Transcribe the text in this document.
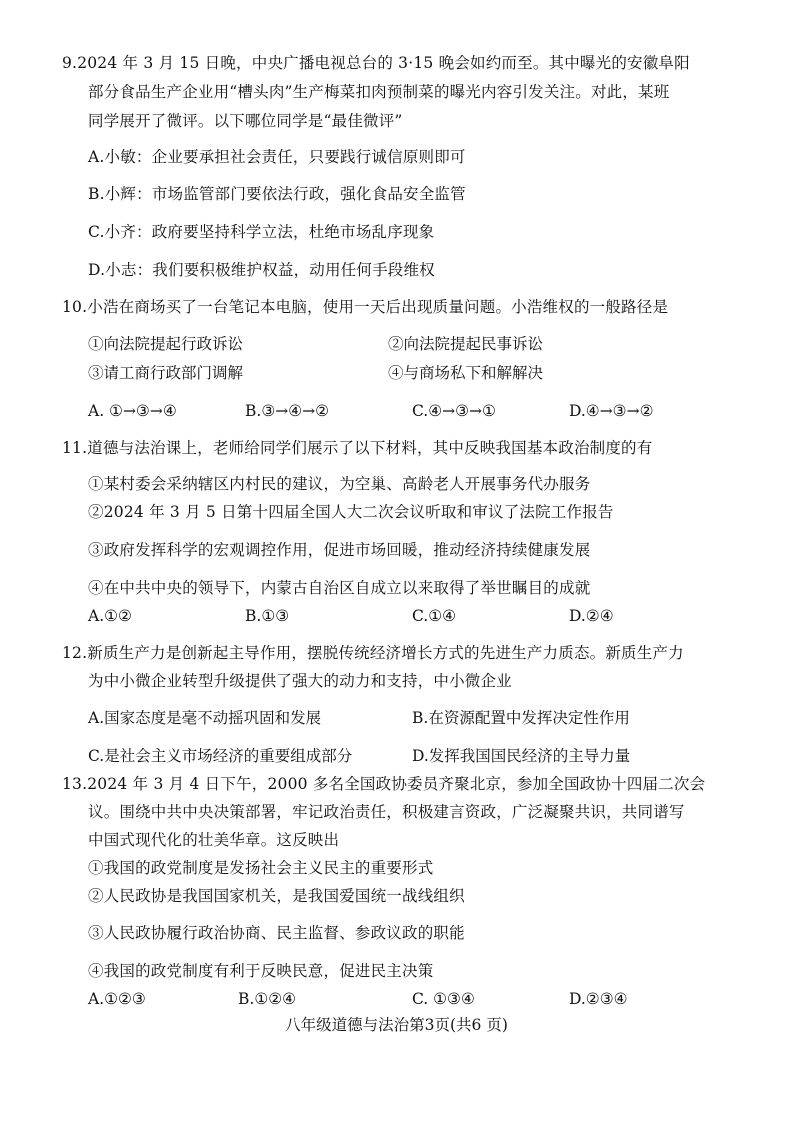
9.2024 年 3 月 15 日晚，中央广播电视总台的 3·15 晚会如约而至。其中曝光的安徽阜阳
部分食品生产企业用“槽头肉”生产梅菜扣肉预制菜的曝光内容引发关注。对此，某班
同学展开了微评。以下哪位同学是“最佳微评”
A.小敏：企业要承担社会责任，只要践行诚信原则即可
B.小辉：市场监管部门要依法行政，强化食品安全监管
C.小齐：政府要坚持科学立法，杜绝市场乱序现象
D.小志：我们要积极维护权益，动用任何手段维权
10.小浩在商场买了一台笔记本电脑，使用一天后出现质量问题。小浩维权的一般路径是
①向法院提起行政诉讼	②向法院提起民事诉讼
③请工商行政部门调解	④与商场私下和解解决
A. ①→③→④	B.③→④→②	C.④→③→①	D.④→③→②
11.道德与法治课上，老师给同学们展示了以下材料，其中反映我国基本政治制度的有
①某村委会采纳辖区内村民的建议，为空巢、高龄老人开展事务代办服务
②2024 年 3 月 5 日第十四届全国人大二次会议听取和审议了法院工作报告
③政府发挥科学的宏观调控作用，促进市场回暖，推动经济持续健康发展
④在中共中央的领导下，内蒙古自治区自成立以来取得了举世瞩目的成就
A.①②	B.①③	C.①④	D.②④
12.新质生产力是创新起主导作用，摆脱传统经济增长方式的先进生产力质态。新质生产力
为中小微企业转型升级提供了强大的动力和支持，中小微企业
A.国家态度是毫不动摇巩固和发展	B.在资源配置中发挥决定性作用
C.是社会主义市场经济的重要组成部分	D.发挥我国国民经济的主导力量
13.2024 年 3 月 4 日下午，2000 多名全国政协委员齐聚北京，参加全国政协十四届二次会
议。围绕中共中央决策部署，牢记政治责任，积极建言资政，广泛凝聚共识，共同谱写
中国式现代化的壮美华章。这反映出
①我国的政党制度是发扬社会主义民主的重要形式
②人民政协是我国国家机关，是我国爱国统一战线组织
③人民政协履行政治协商、民主监督、参政议政的职能
④我国的政党制度有利于反映民意，促进民主决策
A.①②③	B.①②④	C. ①③④	D.②③④
八年级道德与法治第3页(共6 页)
